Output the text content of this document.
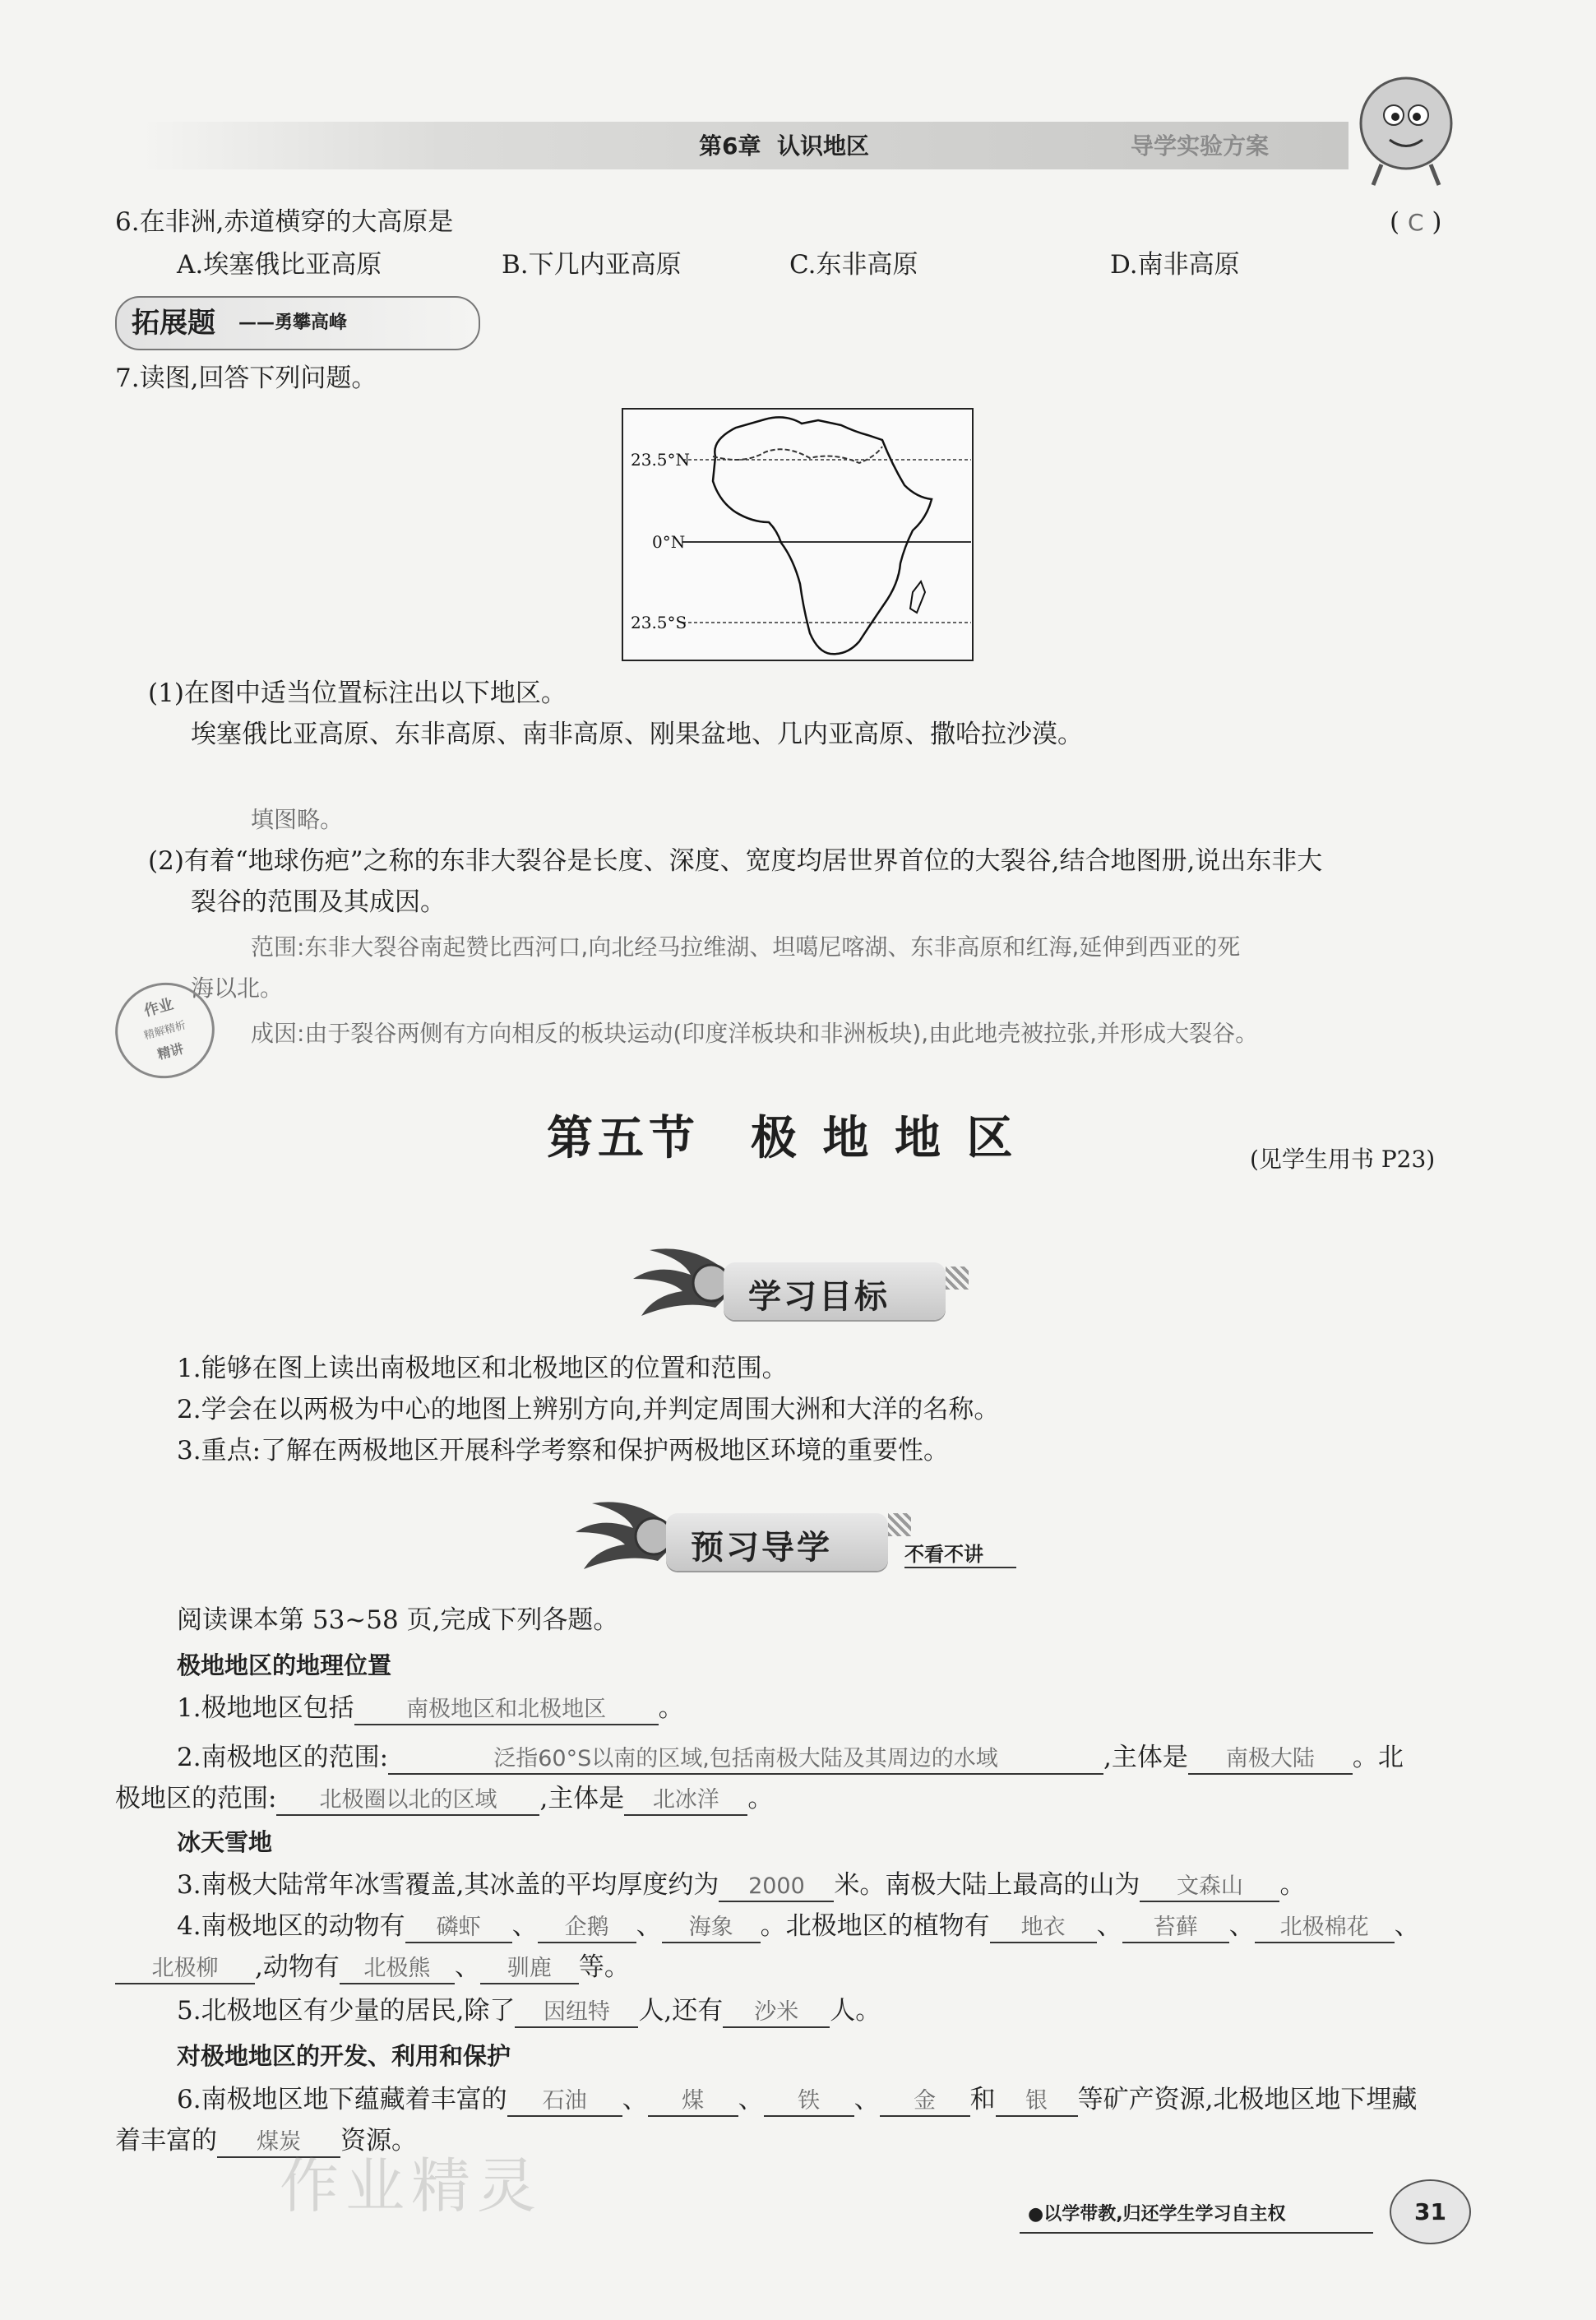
第6章 认识地区	导学实验方案
6.在非洲,赤道横穿的大高原是	( C )
A.埃塞俄比亚高原	B.下几内亚高原	C.东非高原	D.南非高原
拓展题 ——勇攀高峰
7.读图,回答下列问题。
23.5°N
0°N
23.5°S
(1)在图中适当位置标注出以下地区。
埃塞俄比亚高原、东非高原、南非高原、刚果盆地、几内亚高原、撒哈拉沙漠。
填图略。
(2)有着“地球伤疤”之称的东非大裂谷是长度、深度、宽度均居世界首位的大裂谷,结合地图册,说出东非大
裂谷的范围及其成因。
范围:东非大裂谷南起赞比西河口,向北经马拉维湖、坦噶尼喀湖、东非高原和红海,延伸到西亚的死
海以北。
成因:由于裂谷两侧有方向相反的板块运动(印度洋板块和非洲板块),由此地壳被拉张,并形成大裂谷。
作业
精解精析
精讲
第五节　极 地 地 区	(见学生用书 P23)
学习目标
1.能够在图上读出南极地区和北极地区的位置和范围。
2.学会在以两极为中心的地图上辨别方向,并判定周围大洲和大洋的名称。
3.重点:了解在两极地区开展科学考察和保护两极地区环境的重要性。
预习导学	不看不讲
阅读课本第 53~58 页,完成下列各题。
极地地区的地理位置
1.极地地区包括 南极地区和北极地区 。
2.南极地区的范围:	泛指60°S以南的区域,包括南极大陆及其周边的水域	,主体是 南极大陆 。北
极地区的范围: 北极圈以北的区域 ,主体是 北冰洋 。
冰天雪地
3.南极大陆常年冰雪覆盖,其冰盖的平均厚度约为 2000 米。南极大陆上最高的山为 文森山 。
4.南极地区的动物有 磷虾 、 企鹅 、 海象 。北极地区的植物有 地衣 、 苔藓 、 北极棉花 、
北极柳 ,动物有 北极熊 、 驯鹿 等。
5.北极地区有少量的居民,除了 因纽特 人,还有 沙米 人。
对极地地区的开发、利用和保护
6.南极地区地下蕴藏着丰富的 石油 、 煤 、 铁 、 金 和 银 等矿产资源,北极地区地下埋藏
着丰富的 煤炭 资源。
作业精灵	●以学带教,归还学生学习自主权	31
